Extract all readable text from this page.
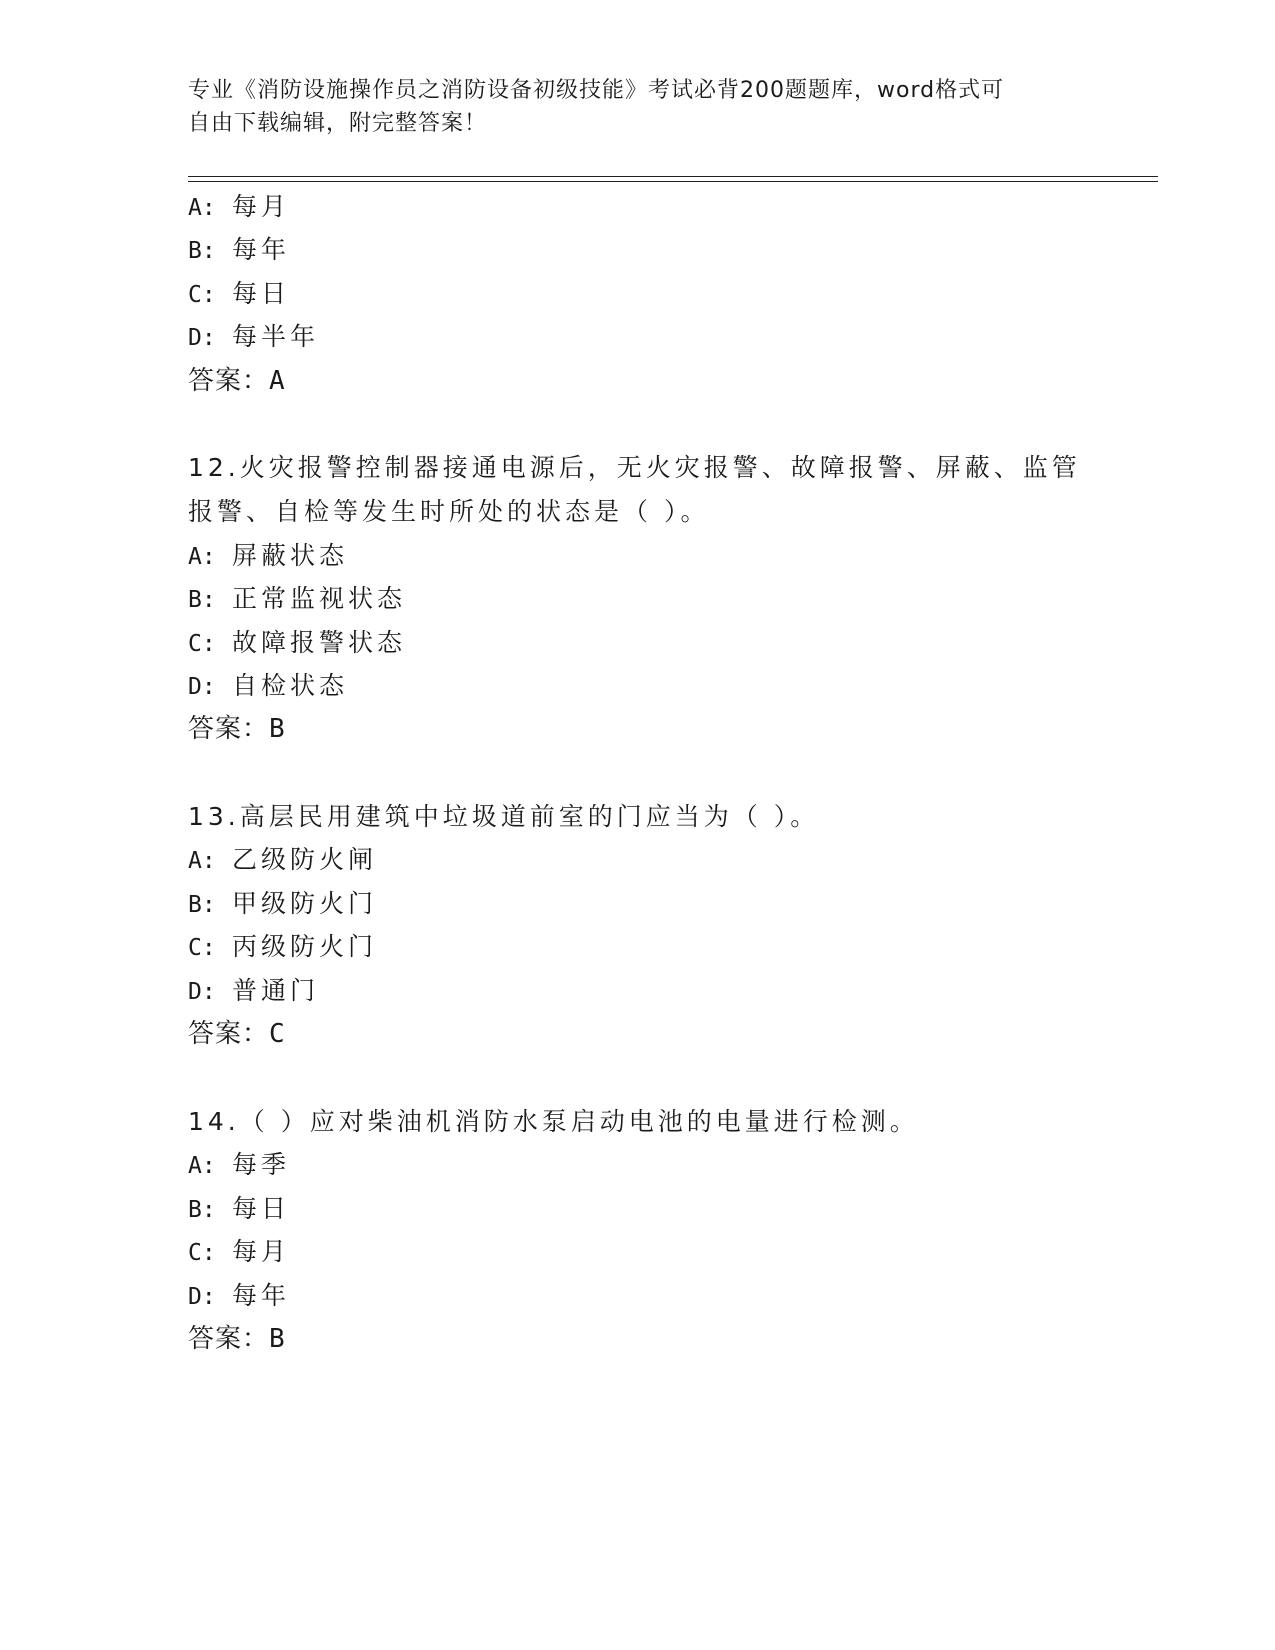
专业《消防设施操作员之消防设备初级技能》考试必背200题题库，word格式可
自由下载编辑，附完整答案！
A: 每月
B: 每年
C: 每日
D: 每半年
答案：A
12.火灾报警控制器接通电源后，无火灾报警、故障报警、屏蔽、监管
报警、自检等发生时所处的状态是（ ）。
A: 屏蔽状态
B: 正常监视状态
C: 故障报警状态
D: 自检状态
答案：B
13.高层民用建筑中垃圾道前室的门应当为（ ）。
A: 乙级防火闸
B: 甲级防火门
C: 丙级防火门
D: 普通门
答案：C
14.（ ）应对柴油机消防水泵启动电池的电量进行检测。
A: 每季
B: 每日
C: 每月
D: 每年
答案：B
